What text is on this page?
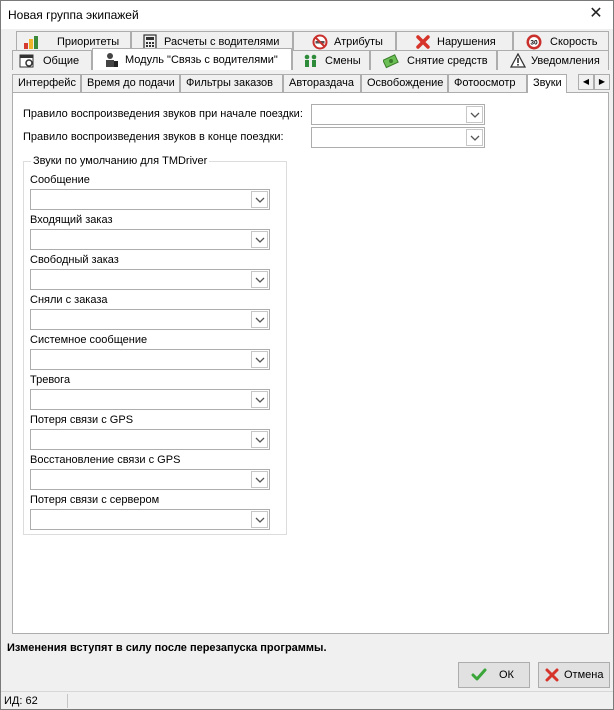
Новая группа экипажей	✕
Приоритеты	Расчеты с водителями	Атрибуты	Нарушения	30 Скорость
Общие	Модуль "Связь с водителями"	Смены	Снятие средств	Уведомления
Интерфейс	Время до подачи	Фильтры заказов	Автораздача	Освобождение Фотоосмотр	Звуки	◀	▶
Правило воспроизведения звуков при начале поездки:
Правило воспроизведения звуков в конце поездки:
Звуки по умолчанию для TMDriver
Сообщение
Входящий заказ
Свободный заказ
Сняли с заказа
Системное сообщение
Тревога
Потеря связи с GPS
Восстановление связи с GPS
Потеря связи с сервером
Изменения вступят в силу после перезапуска программы.
ОК	Отмена
ИД: 62
